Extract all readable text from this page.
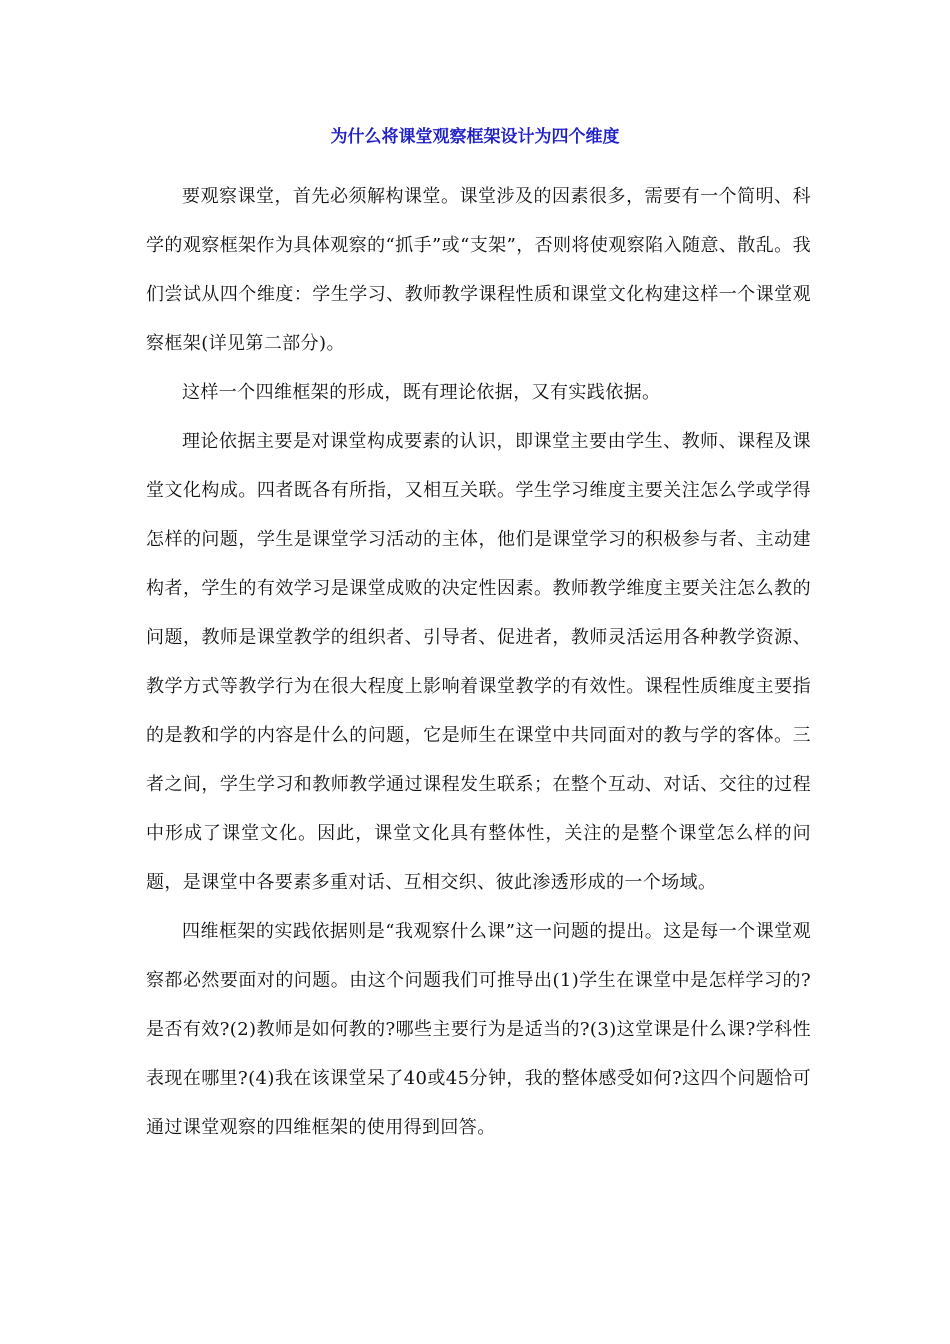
为什么将课堂观察框架设计为四个维度

要观察课堂，首先必须解构课堂。课堂涉及的因素很多，需要有一个简明、科学的观察框架作为具体观察的“抓手”或“支架”，否则将使观察陷入随意、散乱。我们尝试从四个维度：学生学习、教师教学课程性质和课堂文化构建这样一个课堂观察框架(详见第二部分)。

这样一个四维框架的形成，既有理论依据，又有实践依据。

理论依据主要是对课堂构成要素的认识，即课堂主要由学生、教师、课程及课堂文化构成。四者既各有所指，又相互关联。学生学习维度主要关注怎么学或学得怎样的问题，学生是课堂学习活动的主体，他们是课堂学习的积极参与者、主动建构者，学生的有效学习是课堂成败的决定性因素。教师教学维度主要关注怎么教的问题，教师是课堂教学的组织者、引导者、促进者，教师灵活运用各种教学资源、教学方式等教学行为在很大程度上影响着课堂教学的有效性。课程性质维度主要指的是教和学的内容是什么的问题，它是师生在课堂中共同面对的教与学的客体。三者之间，学生学习和教师教学通过课程发生联系；在整个互动、对话、交往的过程中形成了课堂文化。因此，课堂文化具有整体性，关注的是整个课堂怎么样的问题，是课堂中各要素多重对话、互相交织、彼此渗透形成的一个场域。

四维框架的实践依据则是“我观察什么课”这一问题的提出。这是每一个课堂观察都必然要面对的问题。由这个问题我们可推导出(1)学生在课堂中是怎样学习的?是否有效?(2)教师是如何教的?哪些主要行为是适当的?(3)这堂课是什么课?学科性表现在哪里?(4)我在该课堂呆了40或45分钟，我的整体感受如何?这四个问题恰可通过课堂观察的四维框架的使用得到回答。
